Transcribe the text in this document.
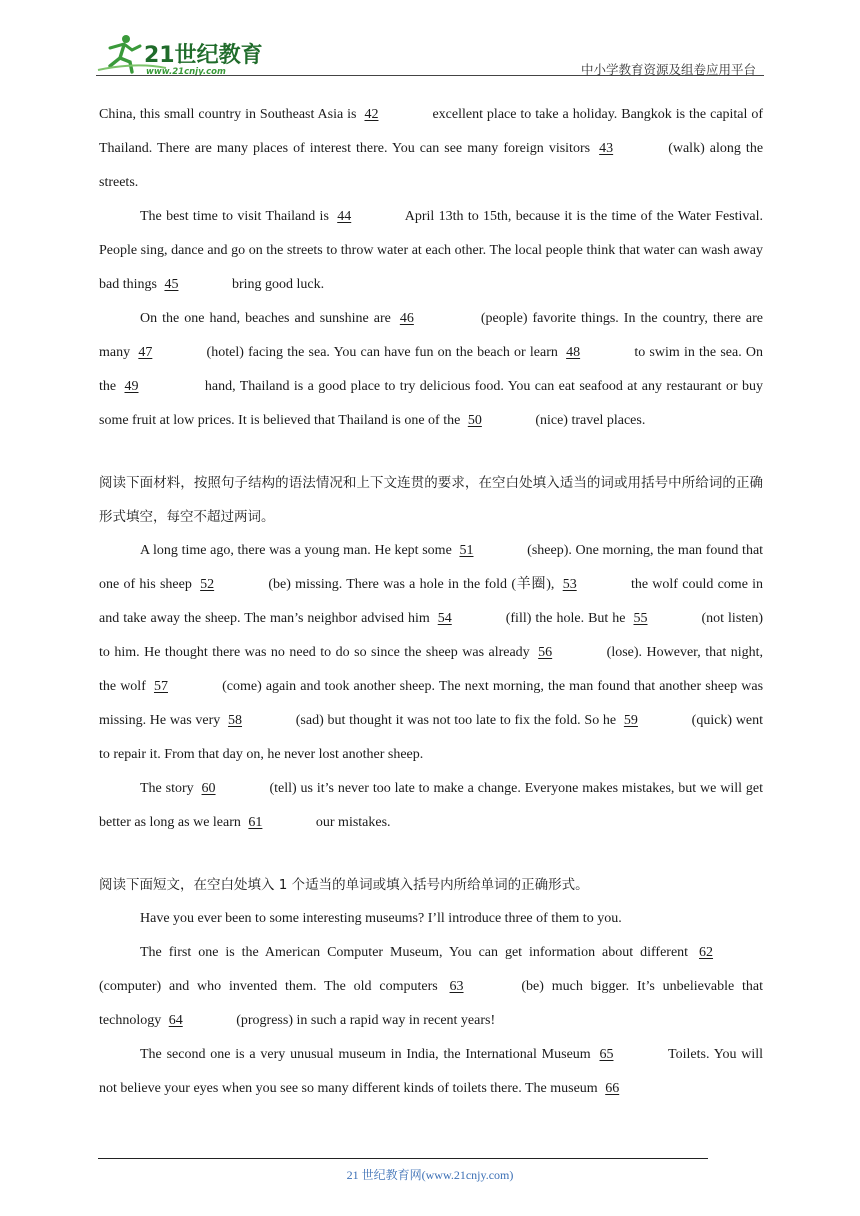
21世纪教育
www.21cnjy.com	中小学教育资源及组卷应用平台

China, this small country in Southeast Asia is 42	excellent place to take a holiday. Bangkok is the capital of Thailand. There are many places of interest there. You can see many foreign visitors 43	(walk) along the streets.

The best time to visit Thailand is 44	April 13th to 15th, because it is the time of the Water Festival. People sing, dance and go on the streets to throw water at each other. The local people think that water can wash away bad things 45	bring good luck.

On the one hand, beaches and sunshine are 46	(people) favorite things. In the country, there are many 47	(hotel) facing the sea. You can have fun on the beach or learn 48	to swim in the sea. On the 49	hand, Thailand is a good place to try delicious food. You can eat seafood at any restaurant or buy some fruit at low prices. It is believed that Thailand is one of the 50	(nice) travel places.

阅读下面材料，按照句子结构的语法情况和上下文连贯的要求，在空白处填入适当的词或用括号中所给词的正确形式填空，每空不超过两词。

A long time ago, there was a young man. He kept some 51	(sheep). One morning, the man found that one of his sheep 52	(be) missing. There was a hole in the fold (羊圈), 53	the wolf could come in and take away the sheep. The man’s neighbor advised him 54	(fill) the hole. But he 55	(not listen) to him. He thought there was no need to do so since the sheep was already 56	(lose). However, that night, the wolf 57	(come) again and took another sheep. The next morning, the man found that another sheep was missing. He was very 58	(sad) but thought it was not too late to fix the fold. So he 59	(quick) went to repair it. From that day on, he never lost another sheep.

The story 60	(tell) us it’s never too late to make a change. Everyone makes mistakes, but we will get better as long as we learn 61	our mistakes.

阅读下面短文，在空白处填入 1 个适当的单词或填入括号内所给单词的正确形式。

Have you ever been to some interesting museums? I’ll introduce three of them to you.

The first one is the American Computer Museum, You can get information about different 62 (computer) and who invented them. The old computers 63	(be) much bigger. It’s unbelievable that technology 64	(progress) in such a rapid way in recent years!

The second one is a very unusual museum in India, the International Museum 65	Toilets. You will not believe your eyes when you see so many different kinds of toilets there. The museum 66

21 世纪教育网(www.21cnjy.com)
